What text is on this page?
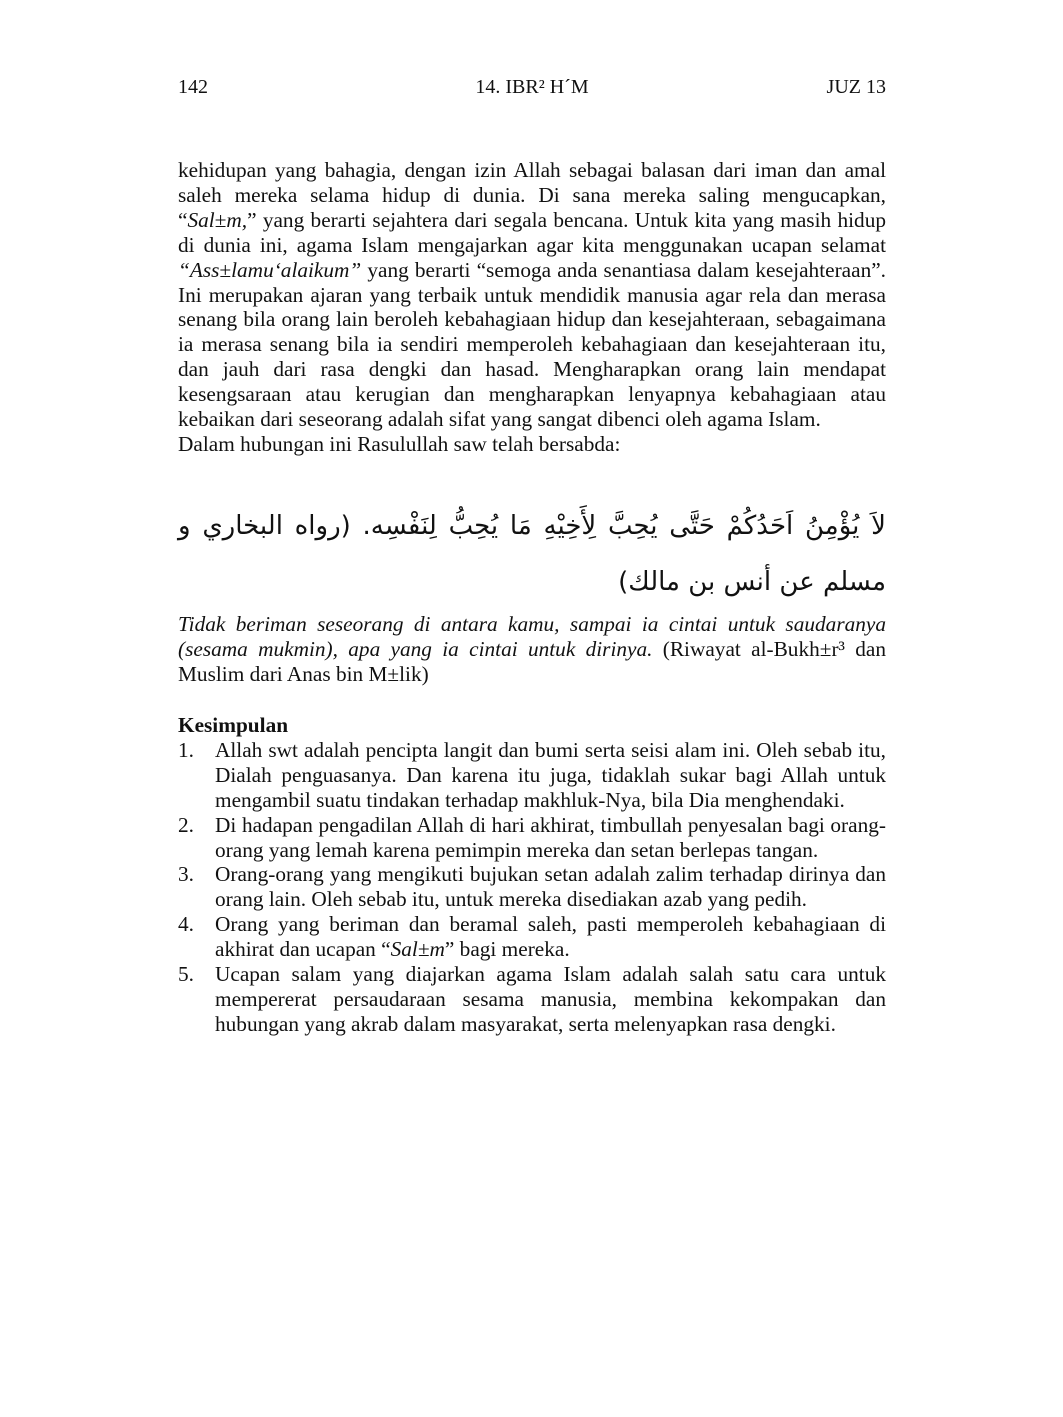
142	14. IBR² H´M	JUZ 13

kehidupan yang bahagia, dengan izin Allah sebagai balasan dari iman dan amal saleh mereka selama hidup di dunia. Di sana mereka saling mengucapkan, “Sal±m,” yang berarti sejahtera dari segala bencana. Untuk kita yang masih hidup di dunia ini, agama Islam mengajarkan agar kita menggunakan ucapan selamat “Ass±lamu‘alaikum” yang berarti “semoga anda senantiasa dalam kesejahteraan”. Ini merupakan ajaran yang terbaik untuk mendidik manusia agar rela dan merasa senang bila orang lain beroleh kebahagiaan hidup dan kesejahteraan, sebagaimana ia merasa senang bila ia sendiri memperoleh kebahagiaan dan kesejahteraan itu, dan jauh dari rasa dengki dan hasad. Mengharapkan orang lain mendapat kesengsaraan atau kerugian dan mengharapkan lenyapnya kebahagiaan atau kebaikan dari seseorang adalah sifat yang sangat dibenci oleh agama Islam.

Dalam hubungan ini Rasulullah saw telah bersabda:

لاَ يُؤْمِنُ اَحَدُكُمْ حَتَّى يُحِبَّ لِأَخِيْهِ مَا يُحِبُّ لِنَفْسِه. (رواه البخاري و مسلم عن أنس بن مالك)
Tidak beriman seseorang di antara kamu, sampai ia cintai untuk saudaranya (sesama mukmin), apa yang ia cintai untuk dirinya. (Riwayat al-Bukh±r³ dan Muslim dari Anas bin M±lik)
Kesimpulan
1. Allah swt adalah pencipta langit dan bumi serta seisi alam ini. Oleh sebab itu, Dialah penguasanya. Dan karena itu juga, tidaklah sukar bagi Allah untuk mengambil suatu tindakan terhadap makhluk-Nya, bila Dia menghendaki.
2. Di hadapan pengadilan Allah di hari akhirat, timbullah penyesalan bagi orang-orang yang lemah karena pemimpin mereka dan setan berlepas tangan.
3. Orang-orang yang mengikuti bujukan setan adalah zalim terhadap dirinya dan orang lain. Oleh sebab itu, untuk mereka disediakan azab yang pedih.
4. Orang yang beriman dan beramal saleh, pasti memperoleh kebahagiaan di akhirat dan ucapan “Sal±m” bagi mereka.
5. Ucapan salam yang diajarkan agama Islam adalah salah satu cara untuk mempererat persaudaraan sesama manusia, membina kekompakan dan hubungan yang akrab dalam masyarakat, serta melenyapkan rasa dengki.
